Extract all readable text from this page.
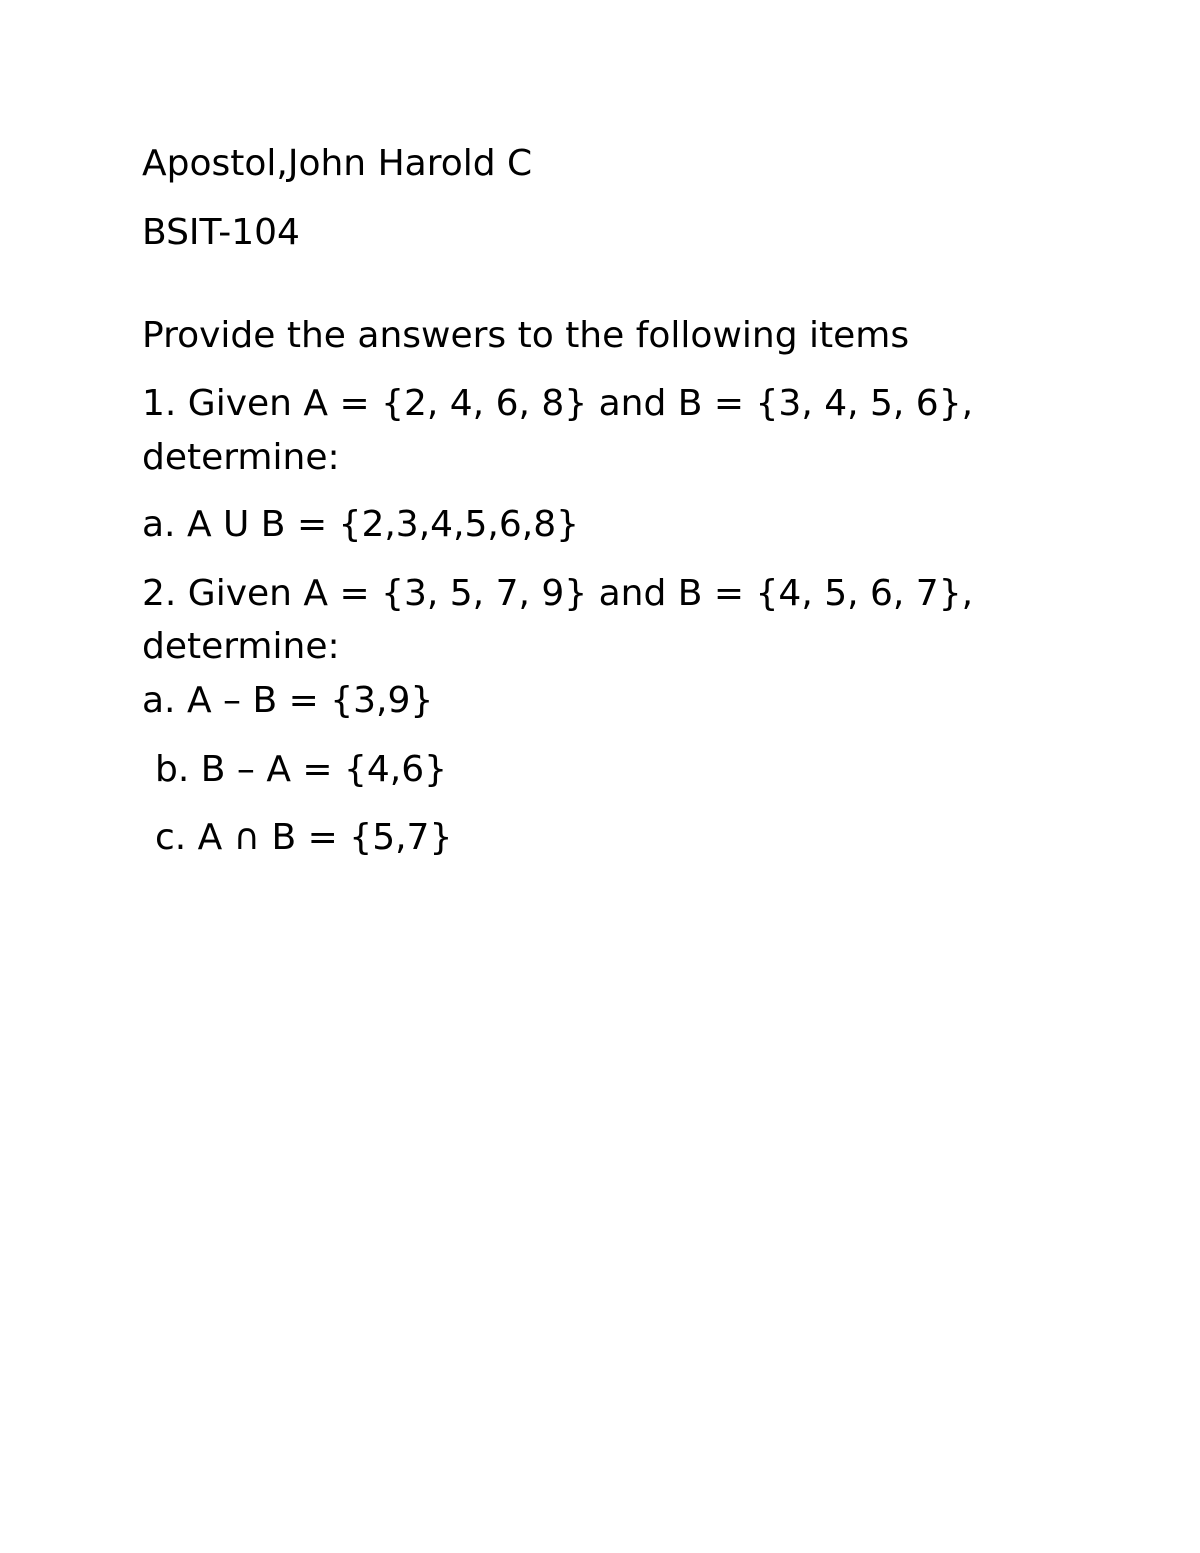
Apostol,John Harold C

BSIT-104

Provide the answers to the following items

1. Given A = {2, 4, 6, 8} and B = {3, 4, 5, 6},

determine:

a. A U B = {2,3,4,5,6,8}

2. Given A = {3, 5, 7, 9} and B = {4, 5, 6, 7},

determine:

a. A – B = {3,9}

b. B – A = {4,6}

c. A ∩ B = {5,7}
